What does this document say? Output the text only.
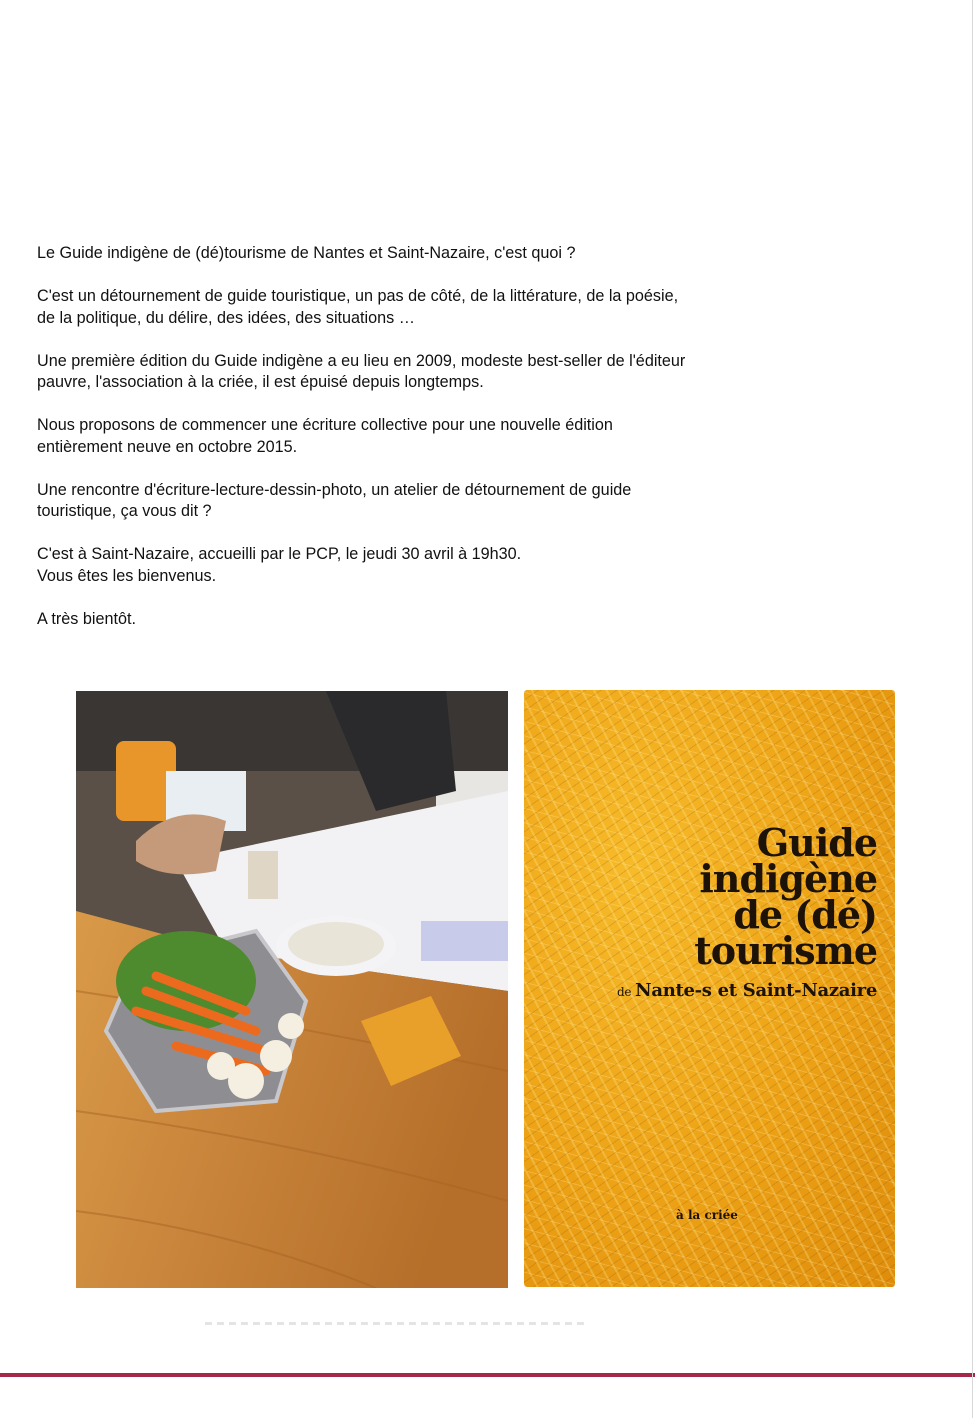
Le Guide indigène de (dé)tourisme de Nantes et Saint-Nazaire, c'est quoi ?

C'est un détournement de guide touristique, un pas de côté, de la littérature, de la poésie,
de la politique, du délire, des idées, des situations …

Une première édition du Guide indigène a eu lieu en 2009, modeste best-seller de l'éditeur
pauvre, l'association à la criée, il est épuisé depuis longtemps.

Nous proposons de commencer une écriture collective pour une nouvelle édition
entièrement neuve en octobre 2015.

Une rencontre d'écriture-lecture-dessin-photo, un atelier de détournement de guide
touristique, ça vous dit ?

C'est à Saint-Nazaire, accueilli par le PCP, le jeudi 30 avril à 19h30.
Vous êtes les bienvenus.

A très bientôt.

Guide
indigène
de (dé)
tourisme
de Nante-s et Saint-Nazaire
à la criée
